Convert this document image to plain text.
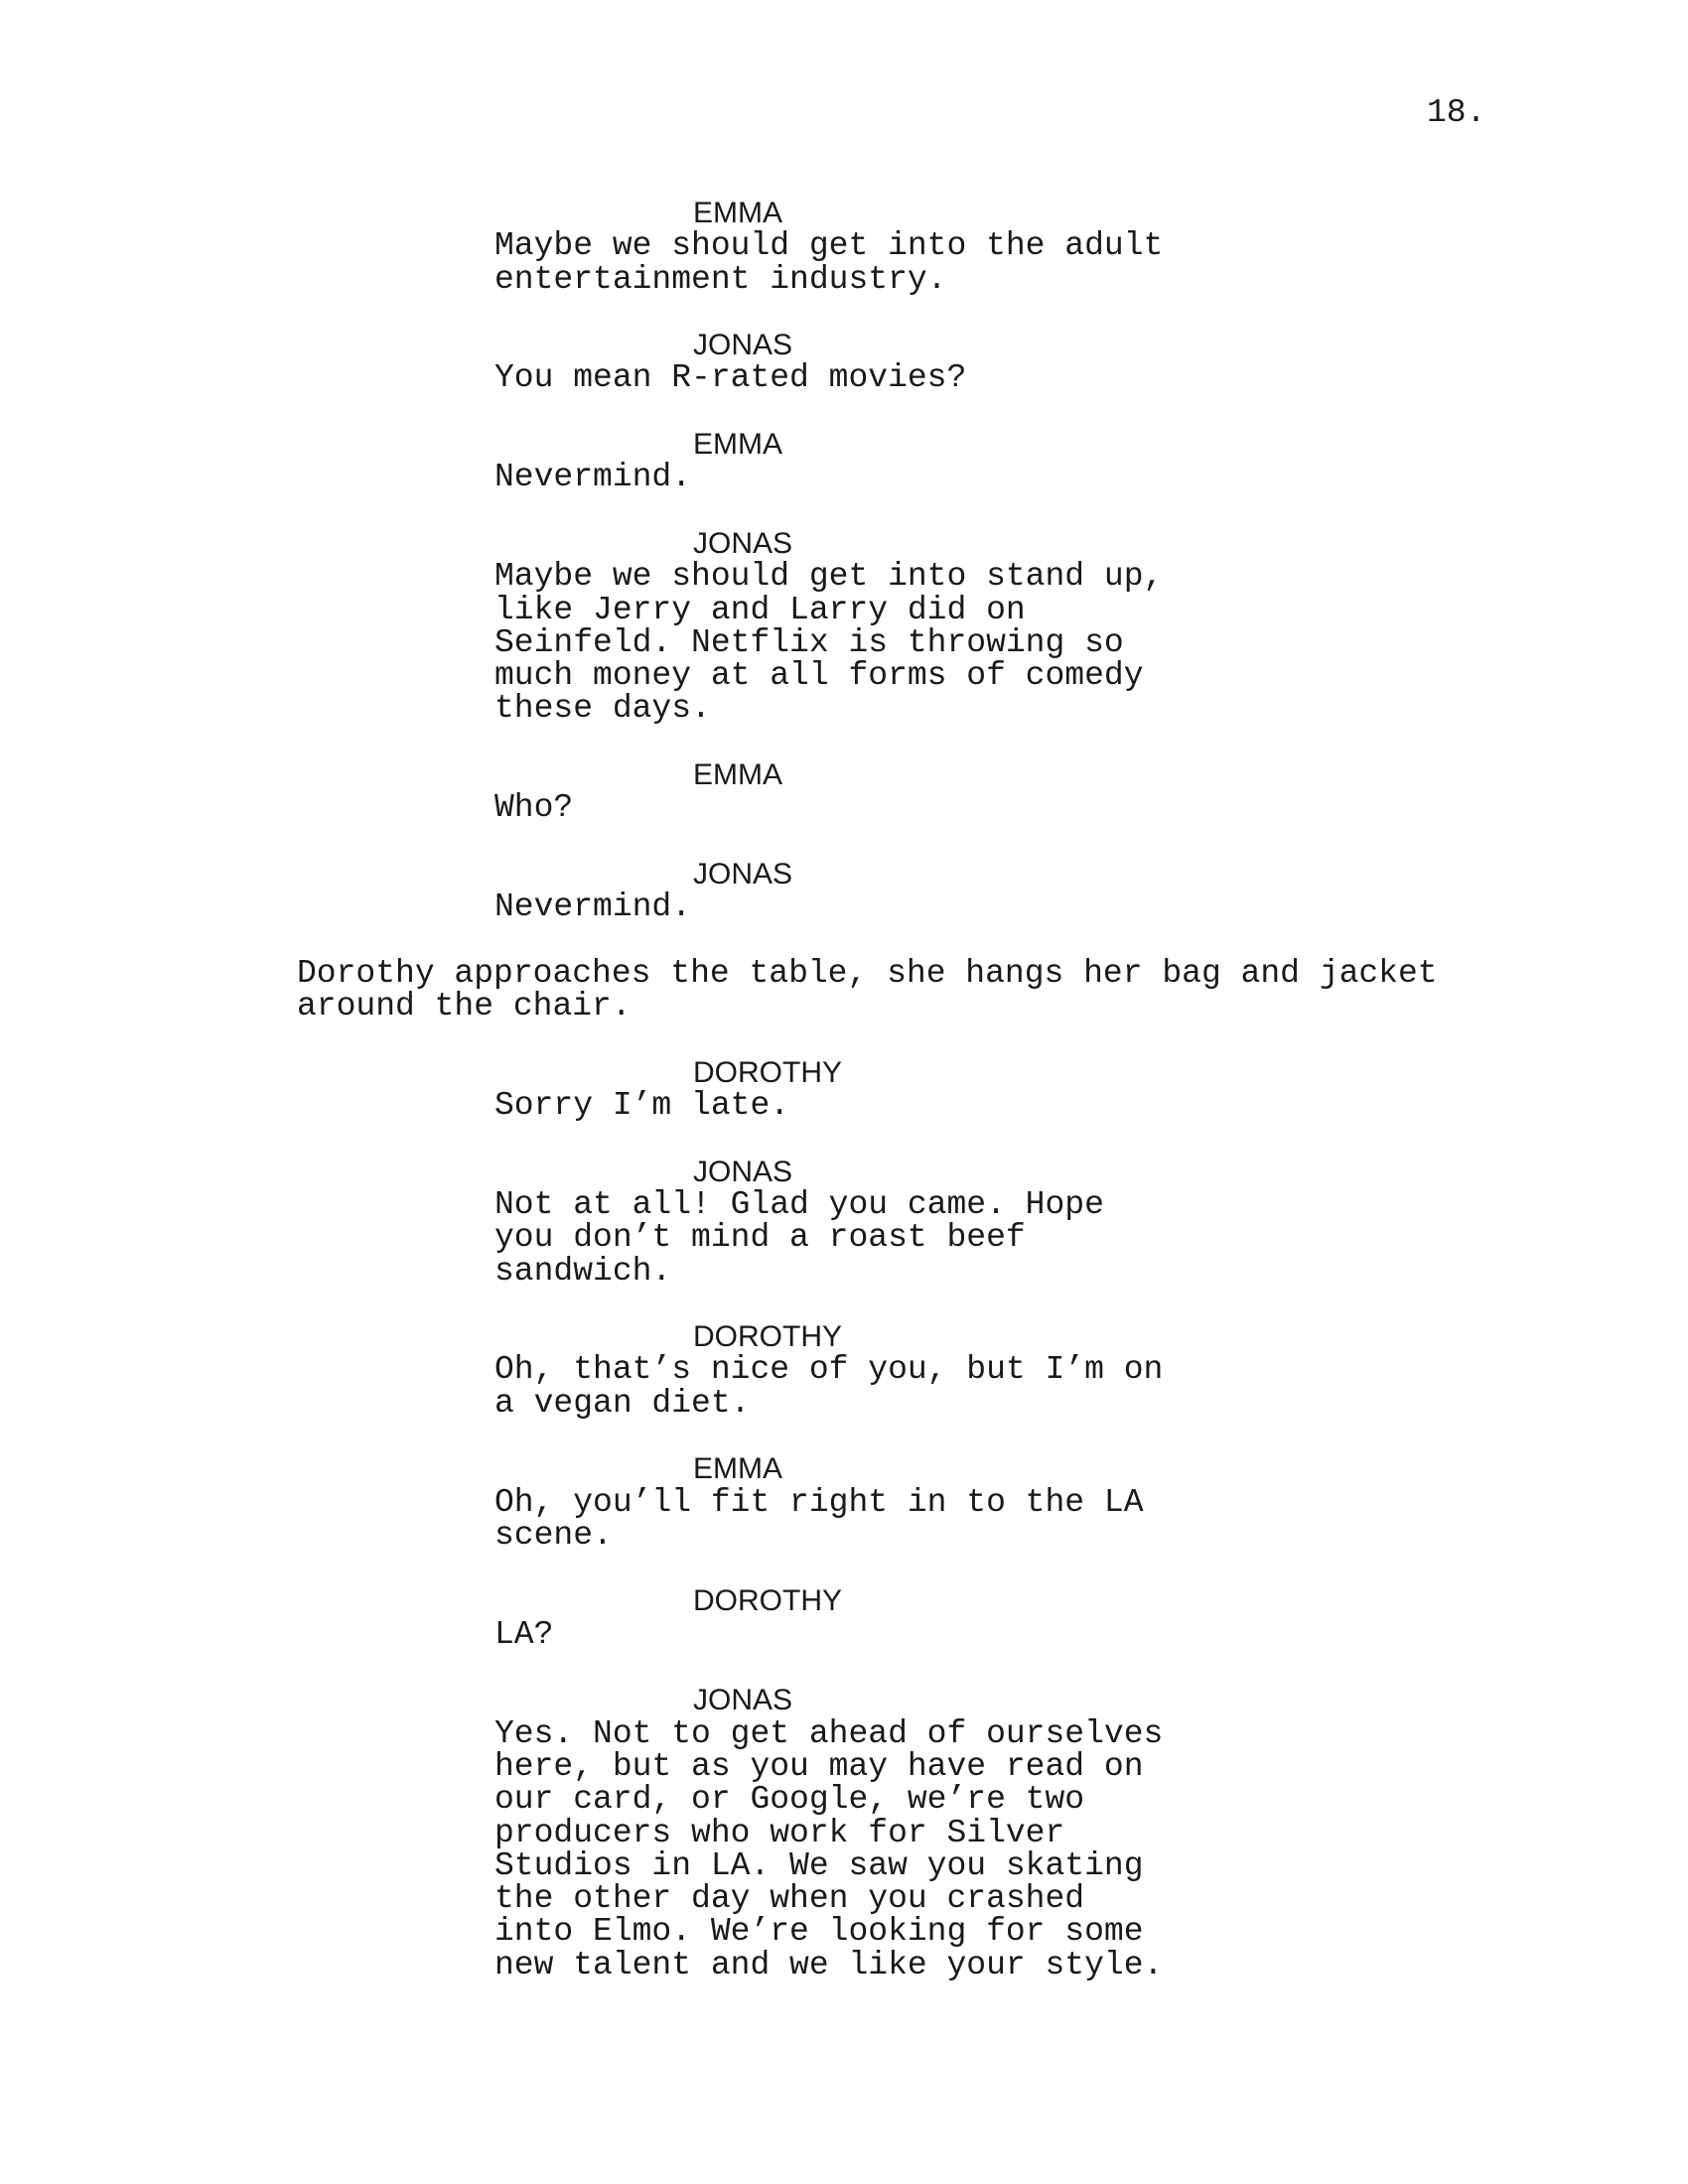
18.
EMMA
Maybe we should get into the adult
entertainment industry.
JONAS
You mean R-rated movies?
EMMA
Nevermind.
JONAS
Maybe we should get into stand up,
like Jerry and Larry did on
Seinfeld. Netflix is throwing so
much money at all forms of comedy
these days.
EMMA
Who?
JONAS
Nevermind.
Dorothy approaches the table, she hangs her bag and jacket
around the chair.
DOROTHY
Sorry I’m late.
JONAS
Not at all! Glad you came. Hope
you don’t mind a roast beef
sandwich.
DOROTHY
Oh, that’s nice of you, but I’m on
a vegan diet.
EMMA
Oh, you’ll fit right in to the LA
scene.
DOROTHY
LA?
JONAS
Yes. Not to get ahead of ourselves
here, but as you may have read on
our card, or Google, we’re two
producers who work for Silver
Studios in LA. We saw you skating
the other day when you crashed
into Elmo. We’re looking for some
new talent and we like your style.
